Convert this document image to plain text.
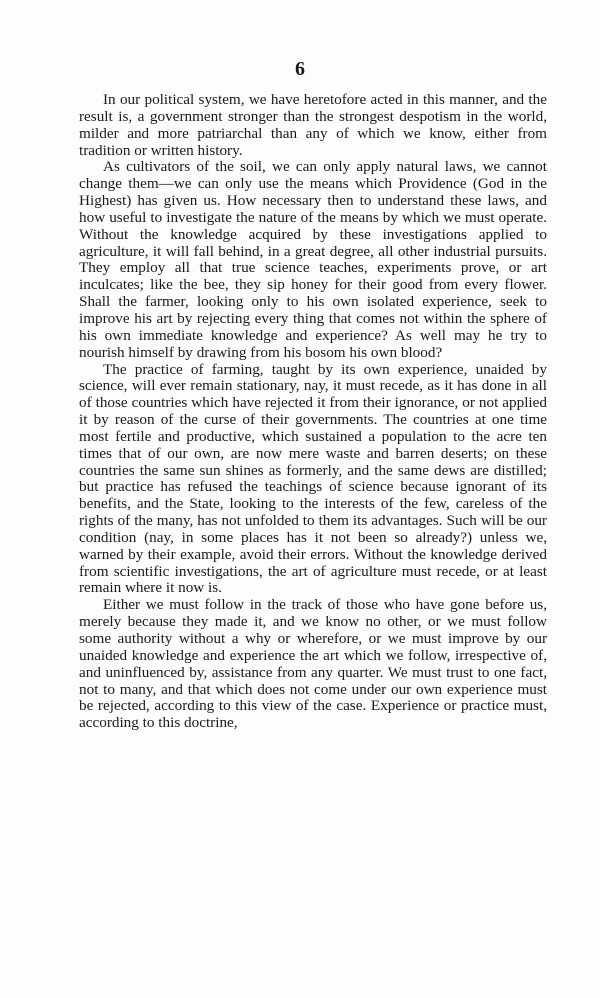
6

In our political system, we have heretofore acted in this manner, and the result is, a government stronger than the strongest despotism in the world, milder and more patriarchal than any of which we know, either from tradition or written history.

As cultivators of the soil, we can only apply natural laws, we cannot change them—we can only use the means which Providence (God in the Highest) has given us. How necessary then to understand these laws, and how useful to investigate the nature of the means by which we must operate. Without the knowledge acquired by these investigations applied to agriculture, it will fall behind, in a great degree, all other industrial pursuits. They employ all that true science teaches, experiments prove, or art inculcates; like the bee, they sip honey for their good from every flower. Shall the farmer, looking only to his own isolated experience, seek to improve his art by rejecting every thing that comes not within the sphere of his own immediate knowledge and experience? As well may he try to nourish himself by drawing from his bosom his own blood?

The practice of farming, taught by its own experience, unaided by science, will ever remain stationary, nay, it must recede, as it has done in all of those countries which have rejected it from their ignorance, or not applied it by reason of the curse of their governments. The countries at one time most fertile and productive, which sustained a population to the acre ten times that of our own, are now mere waste and barren deserts; on these countries the same sun shines as formerly, and the same dews are distilled; but practice has refused the teachings of science because ignorant of its benefits, and the State, looking to the interests of the few, careless of the rights of the many, has not unfolded to them its advantages. Such will be our condition (nay, in some places has it not been so already?) unless we, warned by their example, avoid their errors. Without the knowledge derived from scientific investigations, the art of agriculture must recede, or at least remain where it now is.

Either we must follow in the track of those who have gone before us, merely because they made it, and we know no other, or we must follow some authority without a why or wherefore, or we must improve by our unaided knowledge and experience the art which we follow, irrespective of, and uninfluenced by, assistance from any quarter. We must trust to one fact, not to many, and that which does not come under our own experience must be rejected, according to this view of the case. Experience or practice must, according to this doctrine,
